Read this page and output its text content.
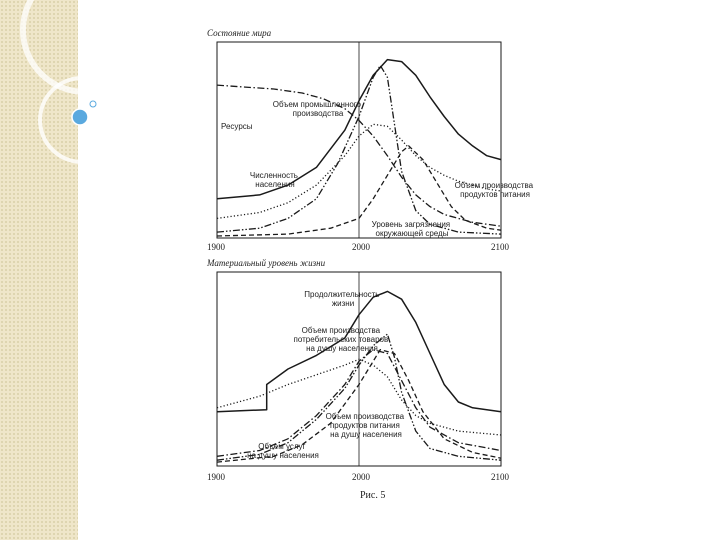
Состояние мира
1900	2000	2100
Ресурсы
Объем промышленного производства
Численность населения	Объем производства продуктов питания
Уровень загрязнения окружающей среды
Материальный уровень жизни
1900	2000	2100
Продолжительность жизни
Объем производства потребительских товаров на душу населения
Объем производства продуктов питания на душу населения
Объем услуг на душу населения
Рис. 5
